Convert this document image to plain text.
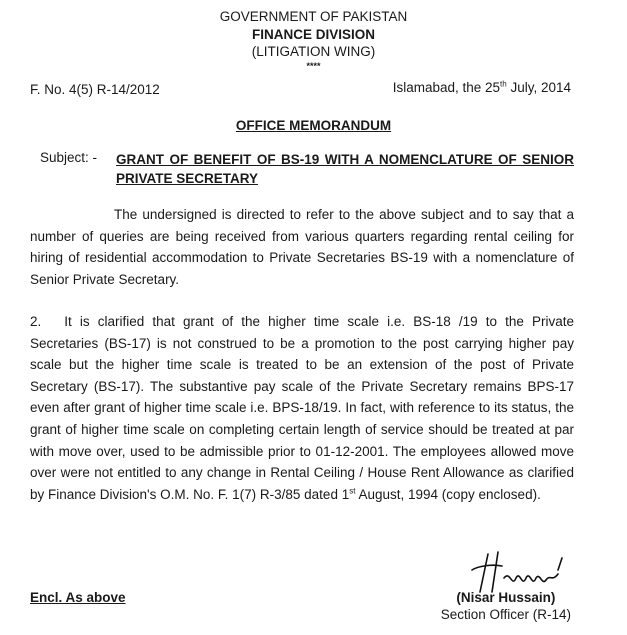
GOVERNMENT OF PAKISTAN
FINANCE DIVISION
(LITIGATION WING)
****
F. No. 4(5) R-14/2012	Islamabad, the 25th July, 2014
OFFICE MEMORANDUM
Subject: - GRANT OF BENEFIT OF BS-19 WITH A NOMENCLATURE OF SENIOR PRIVATE SECRETARY
The undersigned is directed to refer to the above subject and to say that a number of queries are being received from various quarters regarding rental ceiling for hiring of residential accommodation to Private Secretaries BS-19 with a nomenclature of Senior Private Secretary.
2. It is clarified that grant of the higher time scale i.e. BS-18 /19 to the Private Secretaries (BS-17) is not construed to be a promotion to the post carrying higher pay scale but the higher time scale is treated to be an extension of the post of Private Secretary (BS-17). The substantive pay scale of the Private Secretary remains BPS-17 even after grant of higher time scale i.e. BPS-18/19. In fact, with reference to its status, the grant of higher time scale on completing certain length of service should be treated at par with move over, used to be admissible prior to 01-12-2001. The employees allowed move over were not entitled to any change in Rental Ceiling / House Rent Allowance as clarified by Finance Division's O.M. No. F. 1(7) R-3/85 dated 1st August, 1994 (copy enclosed).
Encl. As above	(Nisar Hussain)
Section Officer (R-14)
